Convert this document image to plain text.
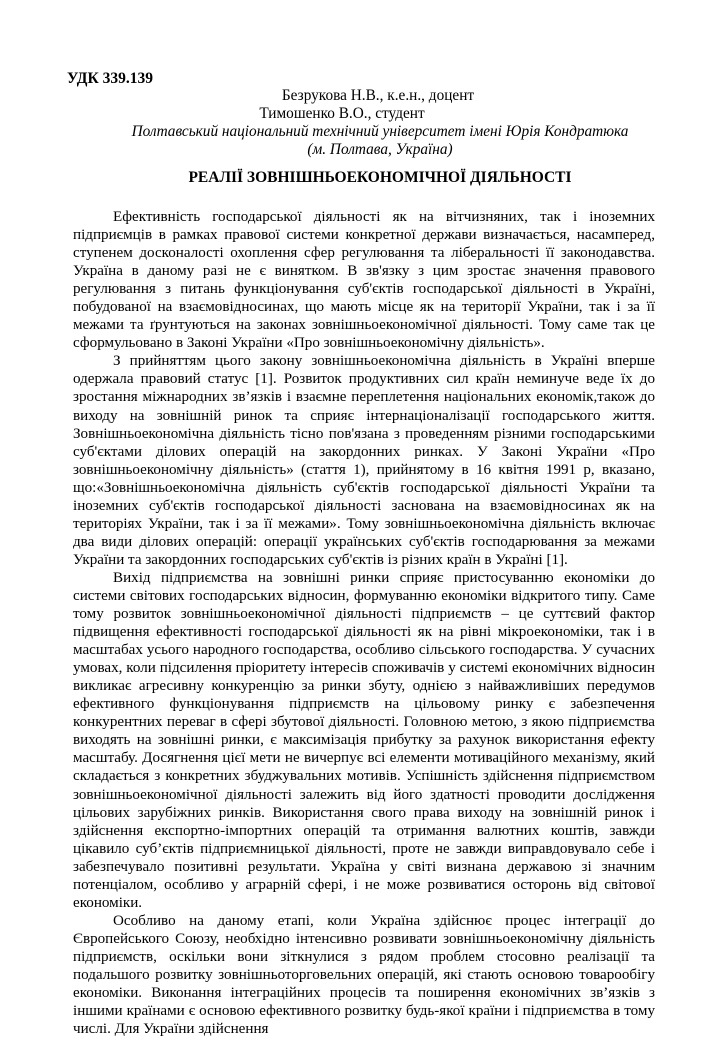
УДК 339.139
Безрукова Н.В., к.е.н., доцент
Тимошенко В.О., студент
Полтавський національний технічний університет імені Юрія Кондратюка
(м. Полтава, Україна)
РЕАЛІЇ ЗОВНІШНЬОЕКОНОМІЧНОЇ ДІЯЛЬНОСТІ

Ефективність господарської діяльності як на вітчизняних, так і іноземних підприємців в рамках правової системи конкретної держави визначається, насамперед, ступенем досконалості охоплення сфер регулювання та ліберальності її законодавства. Україна в даному разі не є винятком. В зв'язку з цим зростає значення правового регулювання з питань функціонування суб'єктів господарської діяльності в Україні, побудованої на взаємовідносинах, що мають місце як на території України, так і за її межами та ґрунтуються на законах зовнішньоекономічної діяльності. Тому саме так це сформульовано в Законі України «Про зовнішньоекономічну діяльність».

З прийняттям цього закону зовнішньоекономічна діяльність в Україні вперше одержала правовий статус [1]. Розвиток продуктивних сил країн неминуче веде їх до зростання міжнародних зв’язків і взаємне переплетення національних економік,також до виходу на зовнішній ринок та сприяє інтернаціоналізації господарського життя. Зовнішньоекономічна діяльність тісно пов'язана з проведенням різними господарськими суб'єктами ділових операцій на закордонних ринках. У Законі України «Про зовнішньоекономічну діяльність» (стаття 1), прийнятому в 16 квітня 1991 р, вказано, що:«Зовнішньоекономічна діяльність суб'єктів господарської діяльності України та іноземних суб'єктів господарської діяльності заснована на взаємовідносинах як на територіях України, так і за її межами». Тому зовнішньоекономічна діяльність включає два види ділових операцій: операції українських суб'єктів господарювання за межами України та закордонних господарських суб'єктів із різних країн в Україні [1].

Вихід підприємства на зовнішні ринки сприяє пристосуванню економіки до системи світових господарських відносин, формуванню економіки відкритого типу. Саме тому розвиток зовнішньоекономічної діяльності підприємств – це суттєвий фактор підвищення ефективності господарської діяльності як на рівні мікроекономіки, так і в масштабах усього народного господарства, особливо сільського господарства. У сучасних умовах, коли підсилення пріоритету інтересів споживачів у системі економічних відносин викликає агресивну конкуренцію за ринки збуту, однією з найважливіших передумов ефективного функціонування підприємств на цільовому ринку є забезпечення конкурентних переваг в сфері збутової діяльності. Головною метою, з якою підприємства виходять на зовнішні ринки, є максимізація прибутку за рахунок використання ефекту масштабу. Досягнення цієї мети не вичерпує всі елементи мотиваційного механізму, який складається з конкретних збуджувальних мотивів. Успішність здійснення підприємством зовнішньоекономічної діяльності залежить від його здатності проводити дослідження цільових зарубіжних ринків. Використання свого права виходу на зовнішній ринок і здійснення експортно-імпортних операцій та отримання валютних коштів, завжди цікавило суб’єктів підприємницької діяльності, проте не завжди виправдовувало себе і забезпечувало позитивні результати. Україна у світі визнана державою зі значним потенціалом, особливо у аграрній сфері, і не може розвиватися осторонь від світової економіки.

Особливо на даному етапі, коли Україна здійснює процес інтеграції до Європейського Союзу, необхідно інтенсивно розвивати зовнішньоекономічну діяльність підприємств, оскільки вони зіткнулися з рядом проблем стосовно реалізації та подальшого розвитку зовнішньоторговельних операцій, які стають основою товарообігу економіки. Виконання інтеграційних процесів та поширення економічних зв’язків з іншими країнами є основою ефективного розвитку будь-якої країни і підприємства в тому числі. Для України здійснення
